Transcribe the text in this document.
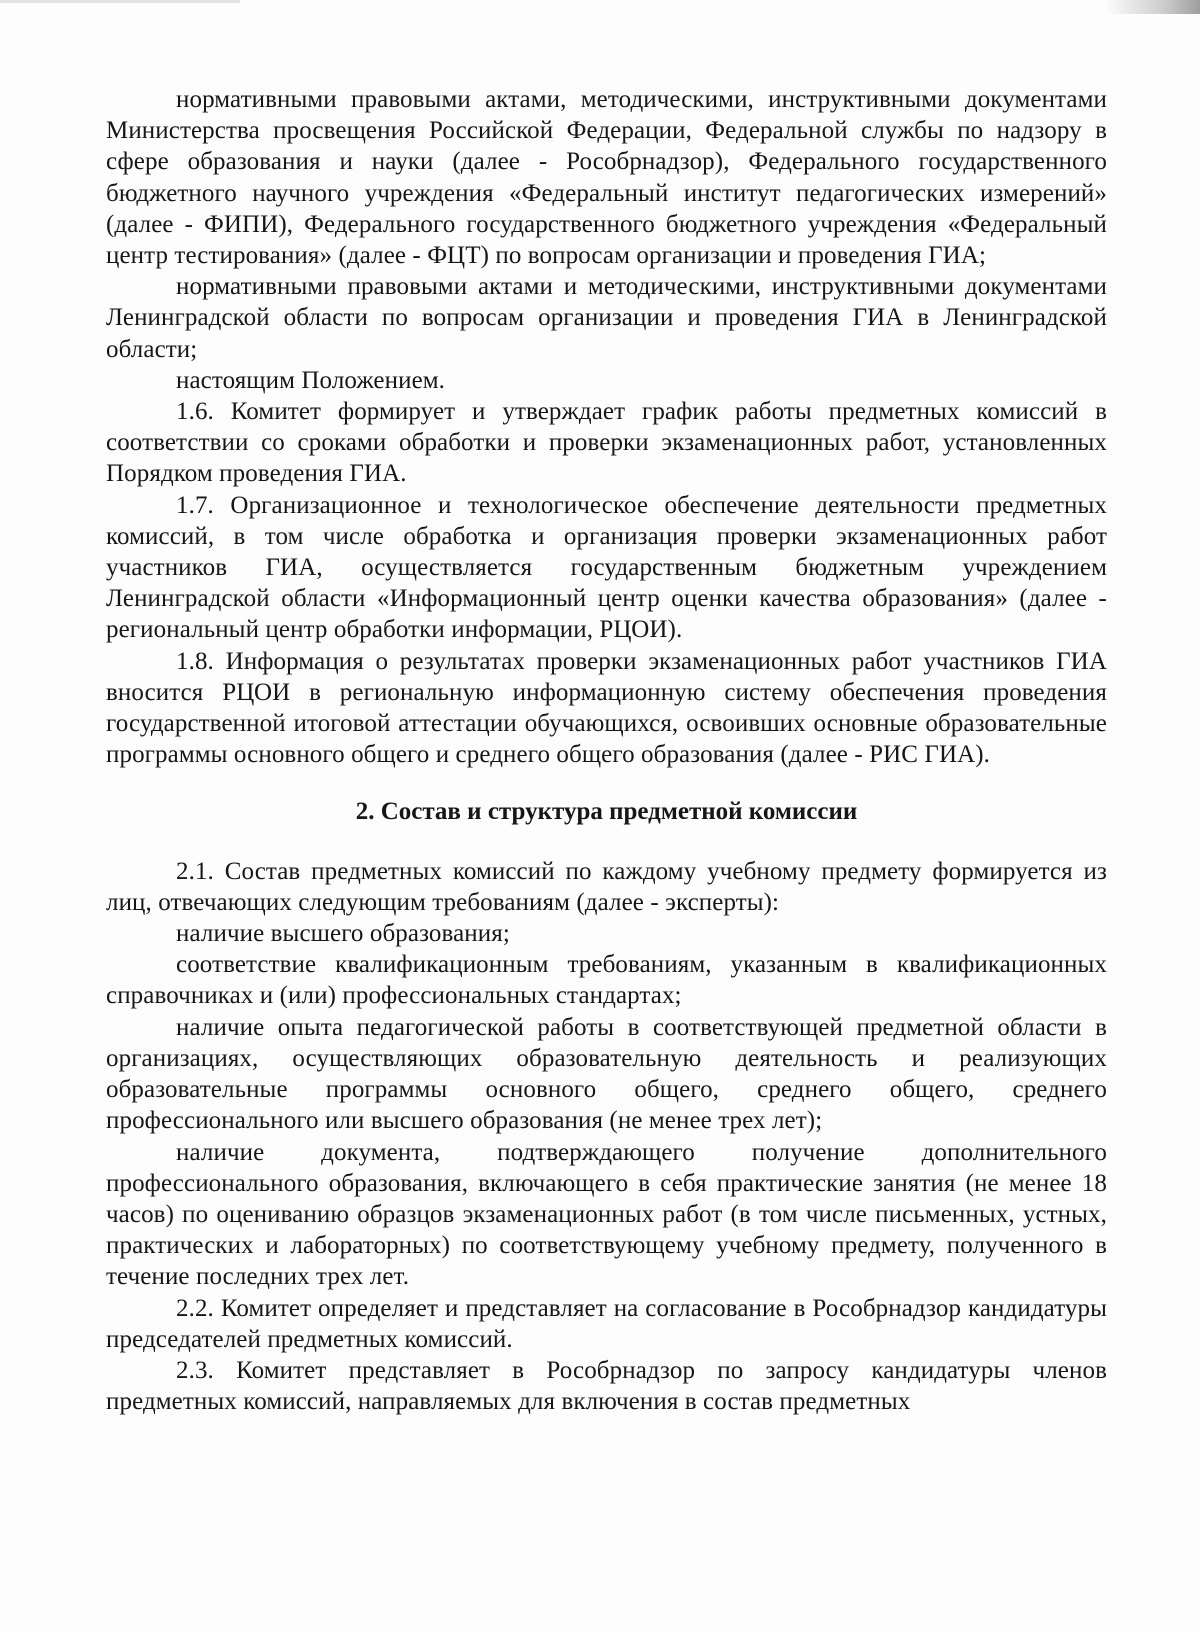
нормативными правовыми актами, методическими, инструктивными документами Министерства просвещения Российской Федерации, Федеральной службы по надзору в сфере образования и науки (далее - Рособрнадзор), Федерального государственного бюджетного научного учреждения «Федеральный институт педагогических измерений» (далее - ФИПИ), Федерального государственного бюджетного учреждения «Федеральный центр тестирования» (далее - ФЦТ) по вопросам организации и проведения ГИА;

нормативными правовыми актами и методическими, инструктивными документами Ленинградской области по вопросам организации и проведения ГИА в Ленинградской области;

настоящим Положением.

1.6. Комитет формирует и утверждает график работы предметных комиссий в соответствии со сроками обработки и проверки экзаменационных работ, установленных Порядком проведения ГИА.

1.7. Организационное и технологическое обеспечение деятельности предметных комиссий, в том числе обработка и организация проверки экзаменационных работ участников ГИА, осуществляется государственным бюджетным учреждением Ленинградской области «Информационный центр оценки качества образования» (далее - региональный центр обработки информации, РЦОИ).

1.8. Информация о результатах проверки экзаменационных работ участников ГИА вносится РЦОИ в региональную информационную систему обеспечения проведения государственной итоговой аттестации обучающихся, освоивших основные образовательные программы основного общего и среднего общего образования (далее - РИС ГИА).

2. Состав и структура предметной комиссии

2.1. Состав предметных комиссий по каждому учебному предмету формируется из лиц, отвечающих следующим требованиям (далее - эксперты):

наличие высшего образования;

соответствие квалификационным требованиям, указанным в квалификационных справочниках и (или) профессиональных стандартах;

наличие опыта педагогической работы в соответствующей предметной области в организациях, осуществляющих образовательную деятельность и реализующих образовательные программы основного общего, среднего общего, среднего профессионального или высшего образования (не менее трех лет);

наличие документа, подтверждающего получение дополнительного профессионального образования, включающего в себя практические занятия (не менее 18 часов) по оцениванию образцов экзаменационных работ (в том числе письменных, устных, практических и лабораторных) по соответствующему учебному предмету, полученного в течение последних трех лет.

2.2. Комитет определяет и представляет на согласование в Рособрнадзор кандидатуры председателей предметных комиссий.

2.3. Комитет представляет в Рособрнадзор по запросу кандидатуры членов предметных комиссий, направляемых для включения в состав предметных
